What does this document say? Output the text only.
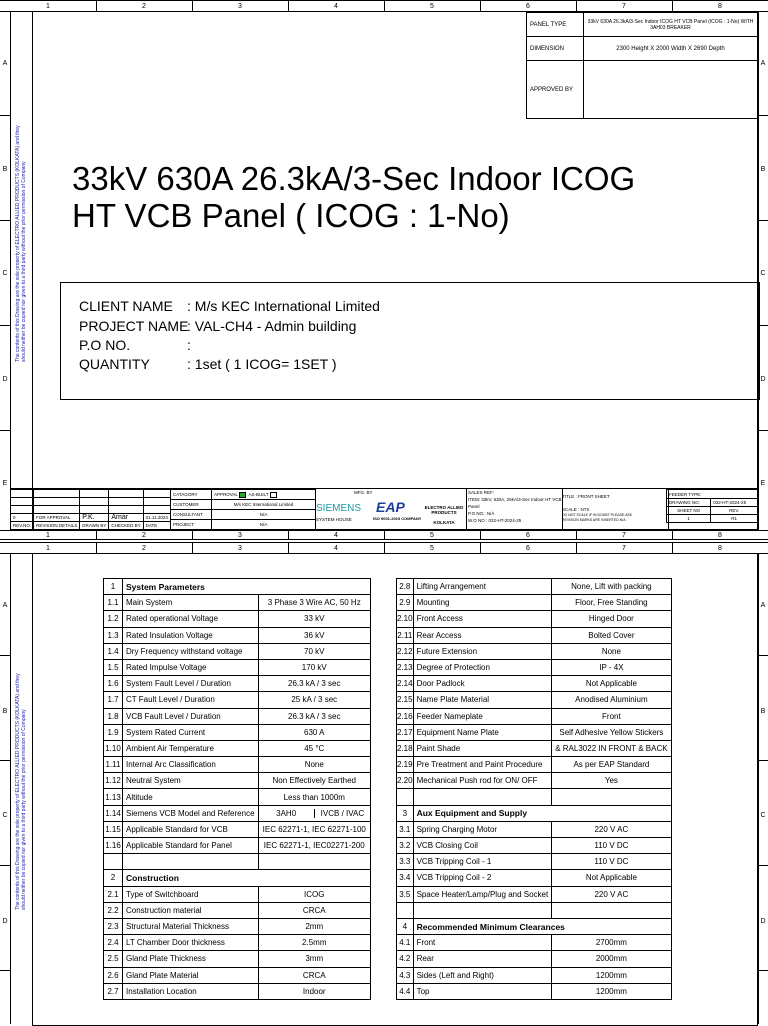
1	2	3	4	5	6	7	8
A
B
C
D
E
A
B
C
D
E
The contents of this Drawing are the sole property of ELECTRO ALLIED PRODUCTS (KOLKATA) and they should neither be copied nor given to a third party without the prior permission of Company
PANEL TYPE	33kV 630A 26.3kA/3-Sec Indoor ICOG HT VCB Panel (ICOG : 1-No) WITH 3AH03 BREAKER
DIMENSION	2300 Height X 2000 Width X 2690 Depth
APPROVED BY	
33kV 630A 26.3kA/3-Sec Indoor ICOG
HT VCB Panel ( ICOG : 1-No)
CLIENT NAME : M/s KEC International Limited
PROJECT NAME
: VAL-CH4 - Admin building
P.O NO.	:
QUANTITY	: 1set ( 1 ICOG= 1SET )

0	FOR APPROVAL	P.K.	Amar	01.11.2024
REV.NO.	REVISION DETAILS	DRAWN BY	CHECKED BY	DATE
CATAGORY	APPROVAL AS-BUILT
CUSTOMER	M/s KEC International Limited
CONSULTANT	N/A
PROJECT	N/A
MFG. BY
SIEMENS
SYSTEM HOUSE
EAP
ISO 9001-2015 COMPANY
ELECTRO ALLIED PRODUCTS
KOLKATA
SALES REF:
ITEM: 33kV, 630A, 26kA/3-Sec Indoor HT VCB Panel
P.O NO.: N/A
W.O NO : 032-HT-2024-25
TITLE : FRONT SHEET
SCALE : NTS
DO NOT SCALE IF IN DOUBT PLEASE ASK
REVISION MARKS ARE INSERTED N/A
FEEDER TYPE:	
DRAWING NO:	032-HT-2024-25
SHEET NO	REV.
1	R1
1	2	3	4	5	6	7	8
1	2	3	4	5	6	7	8
A
B
C
D
A
B
C
D
The contents of this Drawing are the sole property of ELECTRO ALLIED PRODUCTS (KOLKATA) and they should neither be copied nor given to a third party without the prior permission of Company
1	System Parameters	
1.1	Main System	3 Phase 3 Wire AC, 50 Hz
1.2	Rated operational Voltage	33 kV
1.3	Rated Insulation Voltage	36 kV
1.4	Dry Frequency withstand voltage	70 kV
1.5	Rated Impulse Voltage	170 kV
1.6	System Fault Level / Duration	26.3 kA / 3 sec
1.7	CT Fault Level / Duration	25 kA / 3 sec
1.8	VCB Fault Level / Duration	26.3 kA / 3 sec
1.9	System Rated Current	630 A
1.10	Ambient Air Temperature	45 °C
1.11	Internal Arc Classification	None
1.12	Neutral System	Non Effectively Earthed
1.13	Altitude	Less than 1000m
1.14	Siemens VCB Model and Reference	3AH0 IVCB / IVAC

1.15	Applicable Standard for VCB	IEC 62271-1, IEC 62271-100
1.16	Applicable Standard for Panel	IEC 62271-1, IEC02271-200

2	Construction	
2.1	Type of Switchboard	ICOG
2.2	Construction material	CRCA
2.3	Structural Material Thickness	2mm
2.4	LT Chamber Door thickness	2.5mm
2.5	Gland Plate Thickness	3mm
2.6	Gland Plate Material	CRCA
2.7	Installation Location	Indoor
2.8	Lifting Arrangement	None, Lift with packing
2.9	Mounting	Floor, Free Standing
2.10	Front Access	Hinged Door
2.11	Rear Access	Bolted Cover
2.12	Future Extension	None
2.13	Degree of Protection	IP - 4X
2.14	Door Padlock	Not Applicable
2.15	Name Plate Material	Anodised Aluminium
2.16	Feeder Nameplate	Front
2.17	Equipment Name Plate	Self Adhesive Yellow Stickers
2.18	Paint Shade	& RAL3022 IN FRONT & BACK
2.19	Pre Treatment and Paint Procedure	As per EAP Standard
2.20	Mechanical Push rod for ON/ OFF	Yes

3	Aux Equipment and Supply	
3.1	Spring Charging Motor	220 V AC
3.2	VCB Closing Coil	110 V DC
3.3	VCB Tripping Coil - 1	110 V DC
3.4	VCB Tripping Coil - 2	Not Applicable
3.5	Space Heater/Lamp/Plug and Socket	220 V AC

4	Recommended Minimum Clearances	
4.1	Front	2700mm
4.2	Rear	2000mm
4.3	Sides (Left and Right)	1200mm
4.4	Top	1200mm
